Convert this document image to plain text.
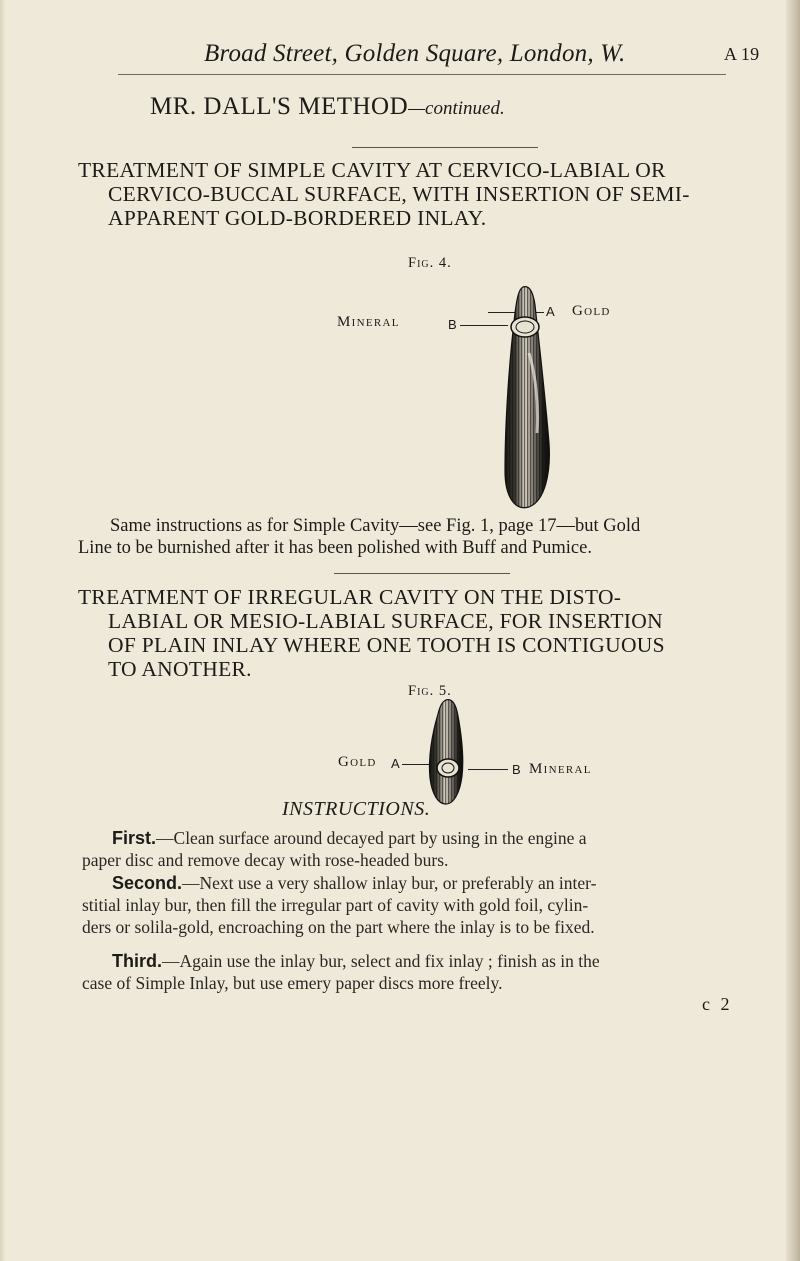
Broad Street, Golden Square, London, W.	A 19
MR. DALL'S METHOD—continued.
TREATMENT OF SIMPLE CAVITY AT CERVICO-LABIAL OR
CERVICO-BUCCAL SURFACE, WITH INSERTION OF SEMI-
APPARENT GOLD-BORDERED INLAY.
Fig. 4.
Mineral	B
A Gold
Same instructions as for Simple Cavity—see Fig. 1, page 17—but Gold
Line to be burnished after it has been polished with Buff and Pumice.
TREATMENT OF IRREGULAR CAVITY ON THE DISTO-
LABIAL OR MESIO-LABIAL SURFACE, FOR INSERTION
OF PLAIN INLAY WHERE ONE TOOTH IS CONTIGUOUS
TO ANOTHER.
Fig. 5.
Gold A	B Mineral
INSTRUCTIONS.
First.—Clean surface around decayed part by using in the engine a
paper disc and remove decay with rose-headed burs.
Second.—Next use a very shallow inlay bur, or preferably an inter-
stitial inlay bur, then fill the irregular part of cavity with gold foil, cylin-
ders or solila-gold, encroaching on the part where the inlay is to be fixed.
Third.—Again use the inlay bur, select and fix inlay ; finish as in the
case of Simple Inlay, but use emery paper discs more freely.
c 2
